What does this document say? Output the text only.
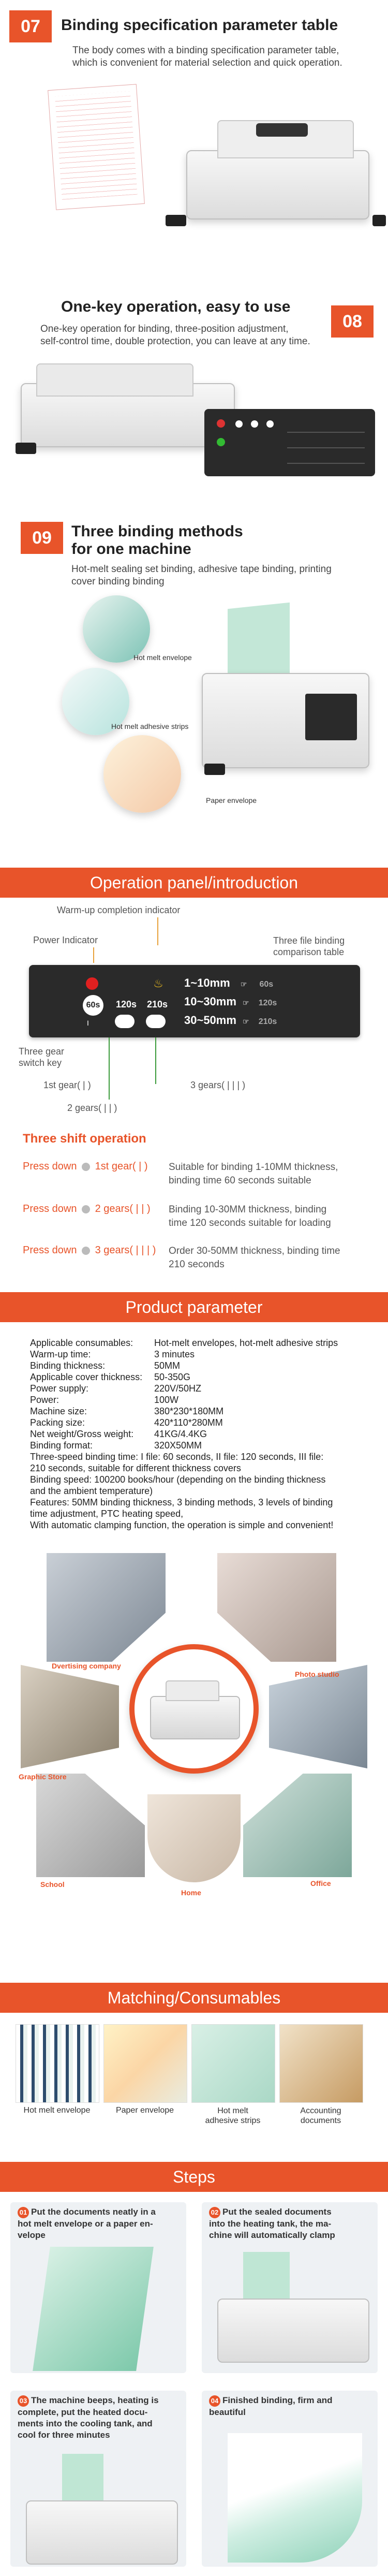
07	Binding specification parameter table
The body comes with a binding specification parameter table,
which is convenient for material selection and quick operation.
One-key operation, easy to use
08
One-key operation for binding, three-position adjustment,
self-control time, double protection, you can leave at any time.
09	Three binding methods
for one machine
Hot-melt sealing set binding, adhesive tape binding, printing
cover binding binding
Hot melt envelope
Hot melt adhesive strips
Paper envelope
Operation panel/introduction
Warm-up completion indicator
Power Indicator	Three file binding
comparison table
♨
60s	120s 210s
I
1~10mm ☞ 60s
10~30mm ☞ 120s
30~50mm ☞ 210s
Three gear
switch key
1st gear( | )
2 gears( | | )
3 gears( | | | )
Three shift operation
Press down 1st gear( | ) Suitable for binding 1-10MM thickness,
binding time 60 seconds suitable
Press down 2 gears( | | ) Binding 10-30MM thickness, binding
time 120 seconds suitable for loading
Press down 3 gears( | | | ) Order 30-50MM thickness, binding time
210 seconds
Product parameter
Applicable consumables: Hot-melt envelopes, hot-melt adhesive strips
Warm-up time:	3 minutes
Binding thickness:	50MM
Applicable cover thickness: 50-350G
Power supply:	220V/50HZ
Power:	100W
Machine size:	380*230*180MM
Packing size:	420*110*280MM
Net weight/Gross weight: 41KG/4.4KG
Binding format:	320X50MM
Three-speed binding time: I file: 60 seconds, II file: 120 seconds, III file:
210 seconds, suitable for different thickness covers
Binding speed: 100200 books/hour (depending on the binding thickness
and the ambient temperature)
Features: 50MM binding thickness, 3 binding methods, 3 levels of binding
time adjustment, PTC heating speed,
With automatic clamping function, the operation is simple and convenient!
Dvertising company
Photo studio
Graphic Store
School	Office
Home
Matching/Consumables
Hot melt envelope	Paper envelope	Hot melt
adhesive strips
Accounting
documents
Steps
01 Put the documents neatly in a
hot melt envelope or a paper en-
velope
02 Put the sealed documents
into the heating tank, the ma-
chine will automatically clamp
03 The machine beeps, heating is
complete, put the heated docu-
ments into the cooling tank, and
cool for three minutes
04 Finished binding, firm and
beautiful
